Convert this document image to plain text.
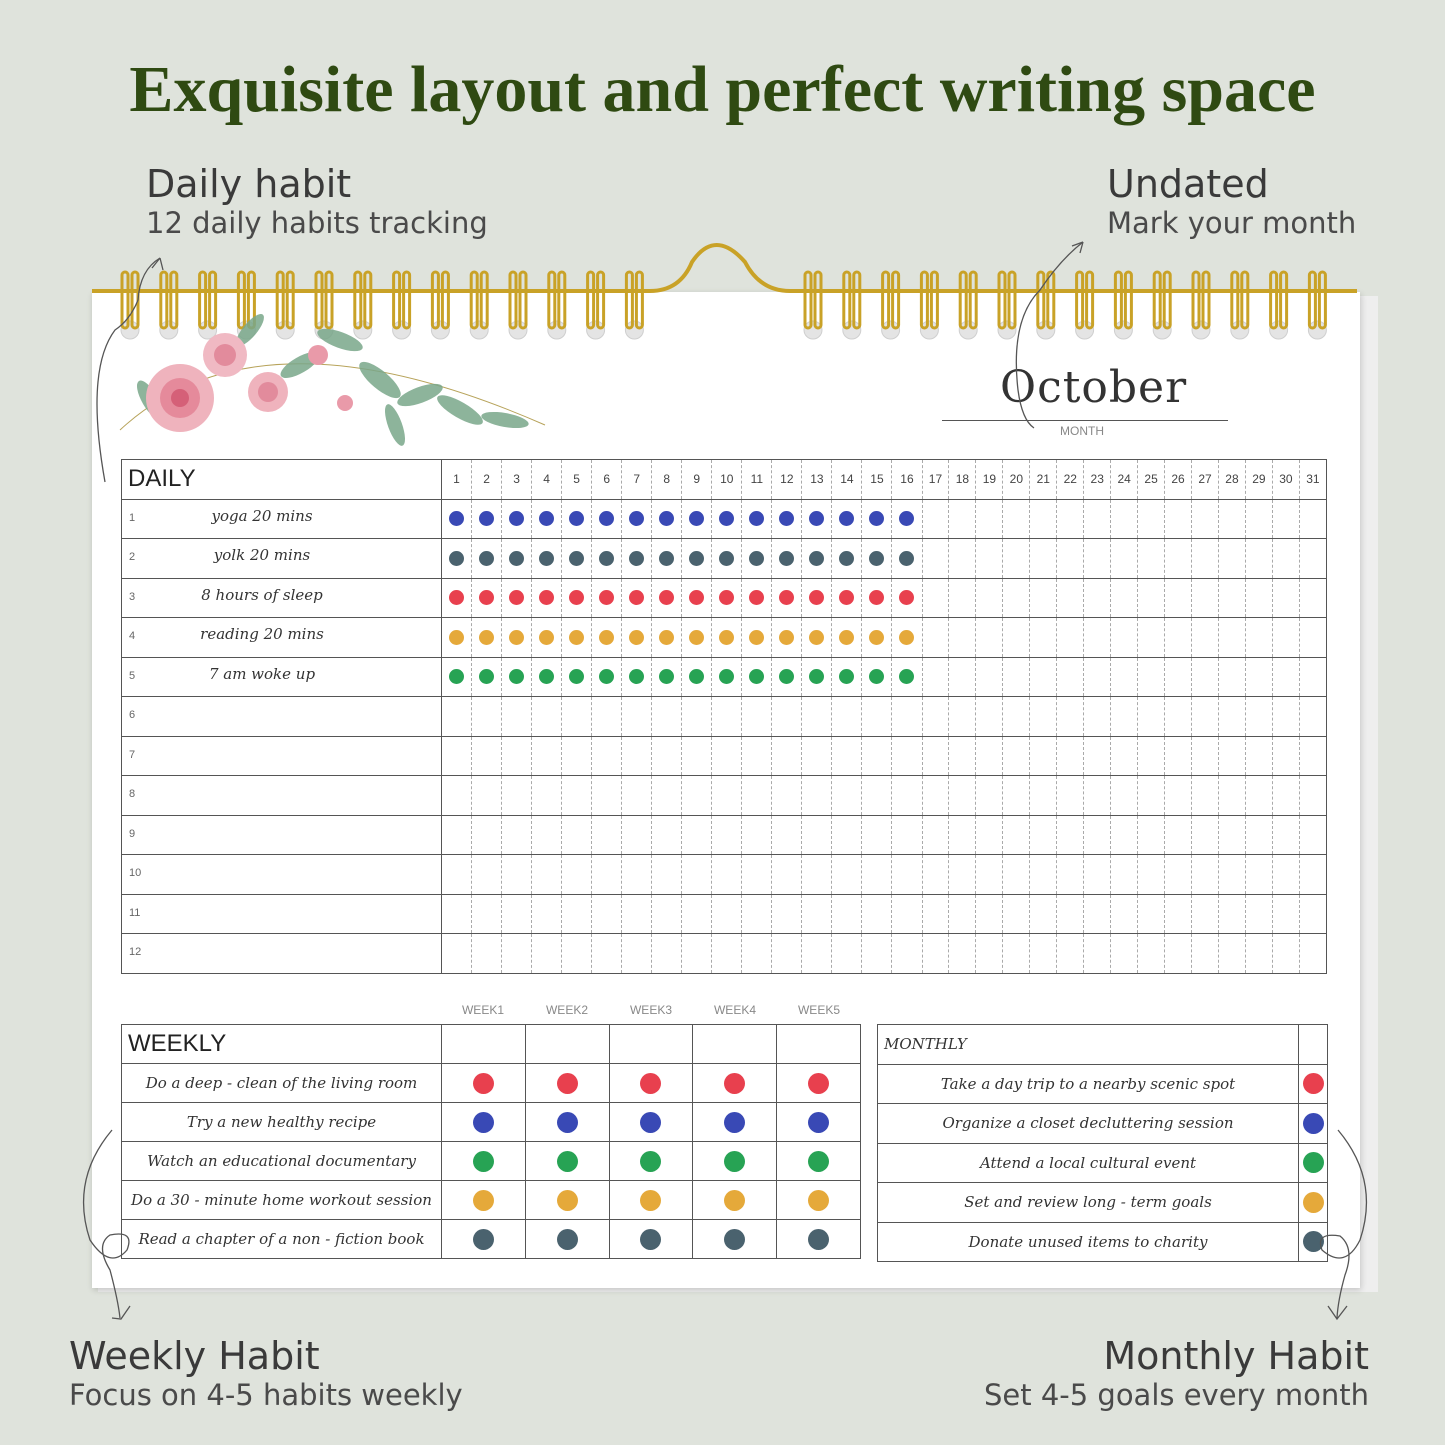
Exquisite layout and perfect writing space
Daily habit
12 daily habits tracking
Undated
Mark your month
Weekly Habit
Focus on 4-5 habits weekly
Monthly Habit
Set 4-5 goals every month
October
MONTH
DAILY	1	2	3	4	5	6	7	8	9	10	11	12	13	14	15	16	17	18	19	20	21	22	23	24	25	26	27	28	29	30	31

1 yoga 20 mins																															

2 yolk 20 mins																															

3 8 hours of sleep																															

4 reading 20 mins																															

5 7 am woke up																															

6																															

7																															

8																															

9																															

10																															

11																															

12																															

WEEK1	WEEK2	WEEK3	WEEK4	WEEK5
WEEKLY					
Do a deep - clean of the living room					
Try a new healthy recipe					
Watch an educational documentary					
Do a 30 - minute home workout session					
Read a chapter of a non - fiction book					
MONTHLY	
Take a day trip to a nearby scenic spot	
Organize a closet decluttering session	
Attend a local cultural event	
Set and review long - term goals	
Donate unused items to charity	
